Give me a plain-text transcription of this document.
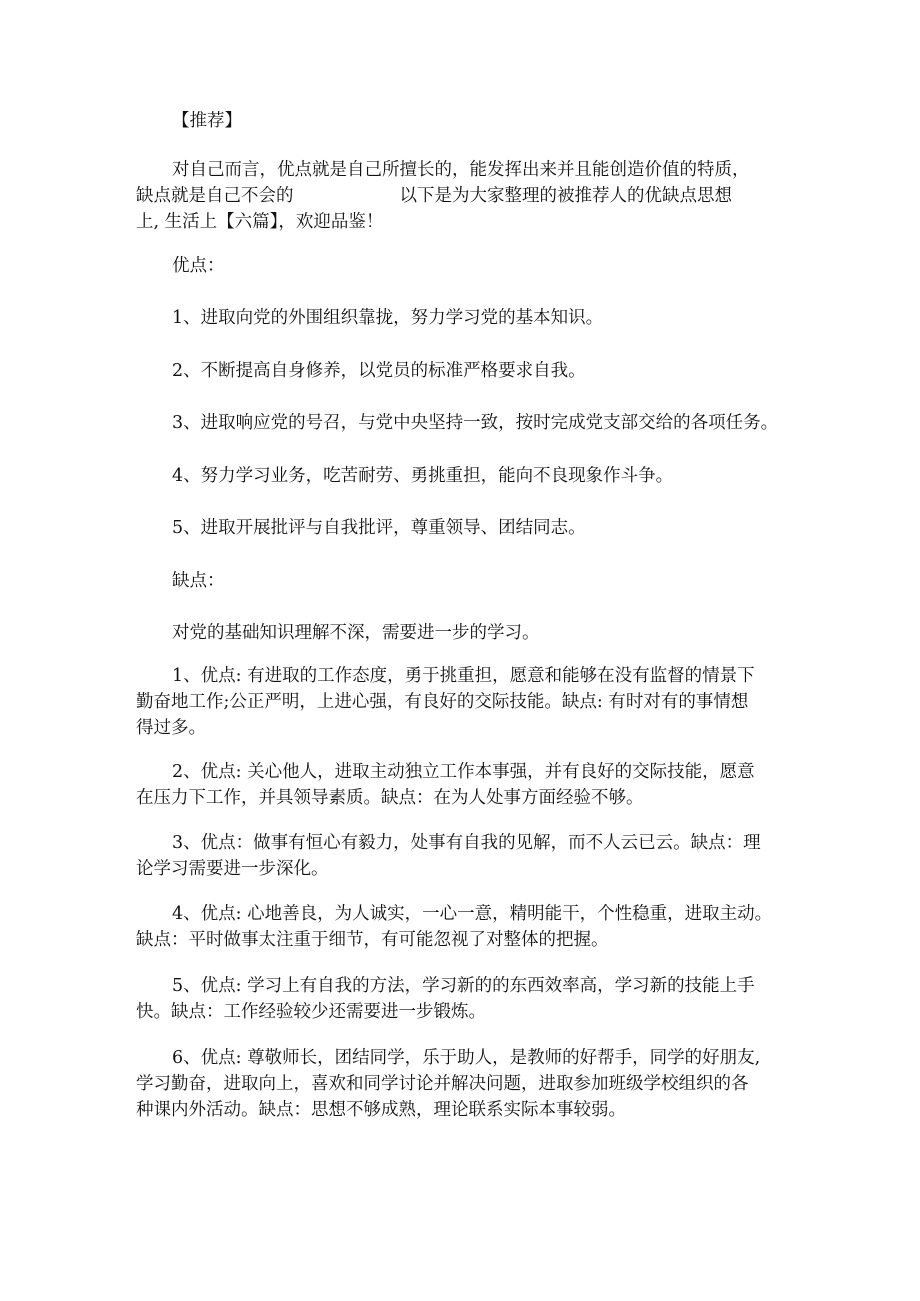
【推荐】
对自己而言，优点就是自己所擅长的，能发挥出来并且能创造价值的特质，
缺点就是自己不会的	以下是为大家整理的被推荐人的优缺点思想
上, 生活上【六篇】，欢迎品鉴！
优点：
1、进取向党的外围组织靠拢，努力学习党的基本知识。
2、不断提高自身修养，以党员的标准严格要求自我。
3、进取响应党的号召，与党中央坚持一致，按时完成党支部交给的各项任务。
4、努力学习业务，吃苦耐劳、勇挑重担，能向不良现象作斗争。
5、进取开展批评与自我批评，尊重领导、团结同志。
缺点：
对党的基础知识理解不深，需要进一步的学习。
1、优点: 有进取的工作态度，勇于挑重担，愿意和能够在没有监督的情景下
勤奋地工作;公正严明，上进心强，有良好的交际技能。缺点: 有时对有的事情想
得过多。
2、优点: 关心他人，进取主动独立工作本事强，并有良好的交际技能，愿意
在压力下工作，并具领导素质。缺点：在为人处事方面经验不够。
3、优点：做事有恒心有毅力，处事有自我的见解，而不人云已云。缺点：理
论学习需要进一步深化。
4、优点: 心地善良，为人诚实，一心一意，精明能干，个性稳重，进取主动。
缺点：平时做事太注重于细节，有可能忽视了对整体的把握。
5、优点: 学习上有自我的方法，学习新的的东西效率高，学习新的技能上手
快。缺点：工作经验较少还需要进一步锻炼。
6、优点: 尊敬师长，团结同学，乐于助人，是教师的好帮手，同学的好朋友,
学习勤奋，进取向上，喜欢和同学讨论并解决问题，进取参加班级学校组织的各
种课内外活动。缺点：思想不够成熟，理论联系实际本事较弱。
